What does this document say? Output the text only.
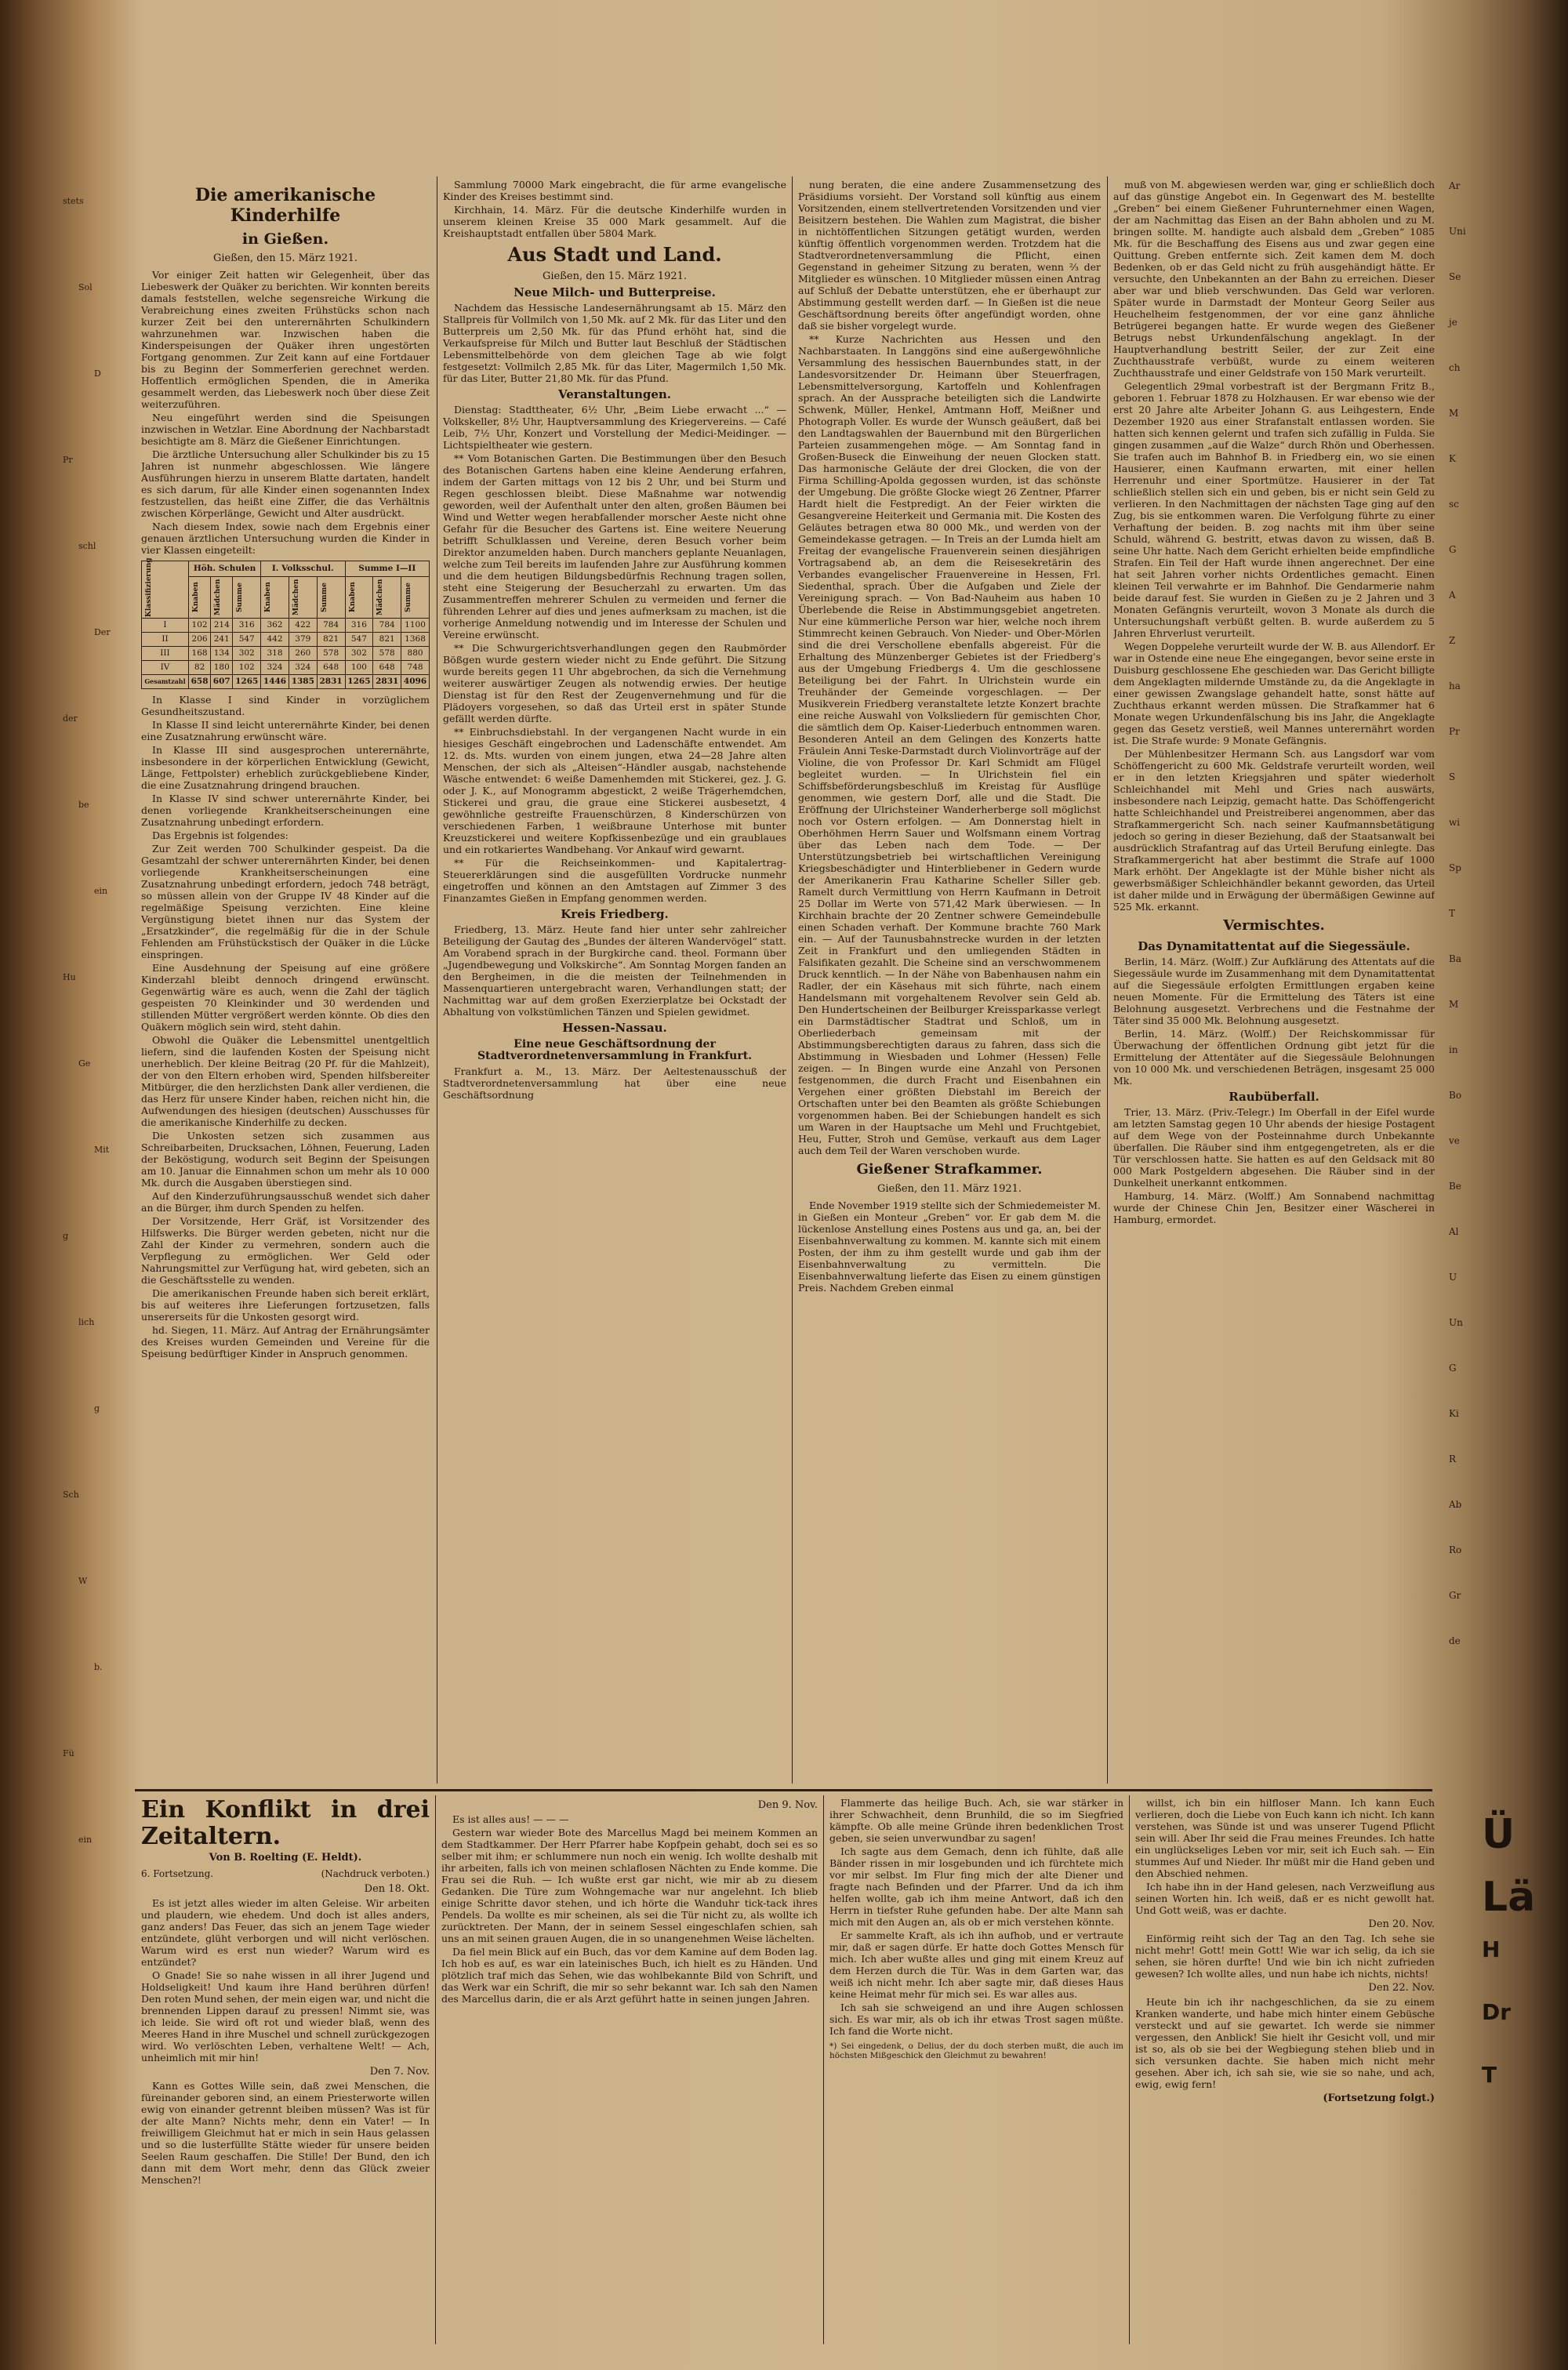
stets
Sol
D
Pr
schl
Der
der
be
ein
Hu
Ge
Mit
g
lich
g
Sch
W
b.
Fü
ein
Ar
Uni
Se
je
ch
M
K
sc
G
A
Z
ha
Pr
S
wi
Sp
T
Ba
M
in
Bo
ve
Be
Al
U
Un
G
Ki
R
Ab
Ro
Gr
de
Ü
Lä
H
Dr
T
Die amerikanische Kinderhilfe
in Gießen.
Gießen, den 15. März 1921.

Vor einiger Zeit hatten wir Gelegenheit, über das Liebeswerk der Quäker zu berichten. Wir konnten bereits damals feststellen, welche segensreiche Wirkung die Verabreichung eines zweiten Frühstücks schon nach kurzer Zeit bei den unterernährten Schulkindern wahrzunehmen war. Inzwischen haben die Kinderspeisungen der Quäker ihren ungestörten Fortgang genommen. Zur Zeit kann auf eine Fortdauer bis zu Beginn der Sommerferien gerechnet werden. Hoffentlich ermöglichen Spenden, die in Amerika gesammelt werden, das Liebeswerk noch über diese Zeit weiterzuführen.

Neu eingeführt werden sind die Speisungen inzwischen in Wetzlar. Eine Abordnung der Nachbarstadt besichtigte am 8. März die Gießener Einrichtungen.

Die ärztliche Untersuchung aller Schulkinder bis zu 15 Jahren ist nunmehr abgeschlossen. Wie längere Ausführungen hierzu in unserem Blatte dartaten, handelt es sich darum, für alle Kinder einen sogenannten Index festzustellen, das heißt eine Ziffer, die das Verhältnis zwischen Körperlänge, Gewicht und Alter ausdrückt.

Nach diesem Index, sowie nach dem Ergebnis einer genauen ärztlichen Untersuchung wurden die Kinder in vier Klassen eingeteilt:

Klassifizierung	Höh. Schulen			I. Volksschul.			Summe I—II		

	Knaben	Mädchen	Summe	Knaben	Mädchen	Summe	Knaben	Mädchen	Summe

I	102	214	316	362	422	784	316	784	1100
II	206	241	547	442	379	821	547	821	1368
III	168	134	302	318	260	578	302	578	880
IV	82	180	102	324	324	648	100	648	748
Gesamtzahl	658	607	1265	1446	1385	2831	1265	2831	4096

In Klasse I sind Kinder in vorzüglichem Gesundheitszustand.

In Klasse II sind leicht unterernährte Kinder, bei denen eine Zusatznahrung erwünscht wäre.

In Klasse III sind ausgesprochen unterernährte, insbesondere in der körperlichen Entwicklung (Gewicht, Länge, Fettpolster) erheblich zurückgebliebene Kinder, die eine Zusatznahrung dringend brauchen.

In Klasse IV sind schwer unterernährte Kinder, bei denen vorliegende Krankheitserscheinungen eine Zusatznahrung unbedingt erfordern.

Das Ergebnis ist folgendes:

Zur Zeit werden 700 Schulkinder gespeist. Da die Gesamtzahl der schwer unterernährten Kinder, bei denen vorliegende Krankheitserscheinungen eine Zusatznahrung unbedingt erfordern, jedoch 748 beträgt, so müssen allein von der Gruppe IV 48 Kinder auf die regelmäßige Speisung verzichten. Eine kleine Vergünstigung bietet ihnen nur das System der „Ersatzkinder“, die regelmäßig für die in der Schule Fehlenden am Frühstückstisch der Quäker in die Lücke einspringen.

Eine Ausdehnung der Speisung auf eine größere Kinderzahl bleibt dennoch dringend erwünscht. Gegenwärtig wäre es auch, wenn die Zahl der täglich gespeisten 70 Kleinkinder und 30 werdenden und stillenden Mütter vergrößert werden könnte. Ob dies den Quäkern möglich sein wird, steht dahin.

Obwohl die Quäker die Lebensmittel unentgeltlich liefern, sind die laufenden Kosten der Speisung nicht unerheblich. Der kleine Beitrag (20 Pf. für die Mahlzeit), der von den Eltern erhoben wird, Spenden hilfsbereiter Mitbürger, die den herzlichsten Dank aller verdienen, die das Herz für unsere Kinder haben, reichen nicht hin, die Aufwendungen des hiesigen (deutschen) Ausschusses für die amerikanische Kinderhilfe zu decken.

Die Unkosten setzen sich zusammen aus Schreibarbeiten, Drucksachen, Löhnen, Feuerung, Laden der Beköstigung, wodurch seit Beginn der Speisungen am 10. Januar die Einnahmen schon um mehr als 10 000 Mk. durch die Ausgaben überstiegen sind.

Auf den Kinderzuführungsausschuß wendet sich daher an die Bürger, ihm durch Spenden zu helfen.

Der Vorsitzende, Herr Gräf, ist Vorsitzender des Hilfswerks. Die Bürger werden gebeten, nicht nur die Zahl der Kinder zu vermehren, sondern auch die Verpflegung zu ermöglichen. Wer Geld oder Nahrungsmittel zur Verfügung hat, wird gebeten, sich an die Geschäftsstelle zu wenden.

Die amerikanischen Freunde haben sich bereit erklärt, bis auf weiteres ihre Lieferungen fortzusetzen, falls unsererseits für die Unkosten gesorgt wird.

hd. Siegen, 11. März. Auf Antrag der Ernährungsämter des Kreises wurden Gemeinden und Vereine für die Speisung bedürftiger Kinder in Anspruch genommen.

Sammlung 70000 Mark eingebracht, die für arme evangelische Kinder des Kreises bestimmt sind.

Kirchhain, 14. März. Für die deutsche Kinderhilfe wurden in unserem kleinen Kreise 35 000 Mark gesammelt. Auf die Kreishauptstadt entfallen über 5804 Mark.

Aus Stadt und Land.
Gießen, den 15. März 1921.
Neue Milch- und Butterpreise.

Nachdem das Hessische Landesernährungsamt ab 15. März den Stallpreis für Vollmilch von 1,50 Mk. auf 2 Mk. für das Liter und den Butterpreis um 2,50 Mk. für das Pfund erhöht hat, sind die Verkaufspreise für Milch und Butter laut Beschluß der Städtischen Lebensmittelbehörde von dem gleichen Tage ab wie folgt festgesetzt: Vollmilch 2,85 Mk. für das Liter, Magermilch 1,50 Mk. für das Liter, Butter 21,80 Mk. für das Pfund.

Veranstaltungen.

Dienstag: Stadttheater, 6½ Uhr, „Beim Liebe erwacht ...“ — Volkskeller, 8½ Uhr, Hauptversammlung des Kriegervereins. — Café Leib, 7½ Uhr, Konzert und Vorstellung der Medici-Meidinger. — Lichtspieltheater wie gestern.

** Vom Botanischen Garten. Die Bestimmungen über den Besuch des Botanischen Gartens haben eine kleine Aenderung erfahren, indem der Garten mittags von 12 bis 2 Uhr, und bei Sturm und Regen geschlossen bleibt. Diese Maßnahme war notwendig geworden, weil der Aufenthalt unter den alten, großen Bäumen bei Wind und Wetter wegen herabfallender morscher Aeste nicht ohne Gefahr für die Besucher des Gartens ist. Eine weitere Neuerung betrifft Schulklassen und Vereine, deren Besuch vorher beim Direktor anzumelden haben. Durch manchers geplante Neuanlagen, welche zum Teil bereits im laufenden Jahre zur Ausführung kommen und die dem heutigen Bildungsbedürfnis Rechnung tragen sollen, steht eine Steigerung der Besucherzahl zu erwarten. Um das Zusammentreffen mehrerer Schulen zu vermeiden und ferner die führenden Lehrer auf dies und jenes aufmerksam zu machen, ist die vorherige Anmeldung notwendig und im Interesse der Schulen und Vereine erwünscht.

** Die Schwurgerichtsverhandlungen gegen den Raubmörder Bößgen wurde gestern wieder nicht zu Ende geführt. Die Sitzung wurde bereits gegen 11 Uhr abgebrochen, da sich die Vernehmung weiterer auswärtiger Zeugen als notwendig erwies. Der heutige Dienstag ist für den Rest der Zeugenvernehmung und für die Plädoyers vorgesehen, so daß das Urteil erst in später Stunde gefällt werden dürfte.

** Einbruchsdiebstahl. In der vergangenen Nacht wurde in ein hiesiges Geschäft eingebrochen und Ladenschäfte entwendet. Am 12. ds. Mts. wurden von einem jungen, etwa 24—28 Jahre alten Menschen, der sich als „Alteisen“-Händler ausgab, nachstehende Wäsche entwendet: 6 weiße Damenhemden mit Stickerei, gez. J. G. oder J. K., auf Monogramm abgestickt, 2 weiße Trägerhemdchen, Stickerei und grau, die graue eine Stickerei ausbesetzt, 4 gewöhnliche gestreifte Frauenschürzen, 8 Kinderschürzen von verschiedenen Farben, 1 weißbraune Unterhose mit bunter Kreuzstickerei und weitere Kopfkissenbezüge und ein graublaues und ein rotkariertes Wandbehang. Vor Ankauf wird gewarnt.

** Für die Reichseinkommen- und Kapitalertrag-Steuererklärungen sind die ausgefüllten Vordrucke nunmehr eingetroffen und können an den Amtstagen auf Zimmer 3 des Finanzamtes Gießen in Empfang genommen werden.

Kreis Friedberg.

Friedberg, 13. März. Heute fand hier unter sehr zahlreicher Beteiligung der Gautag des „Bundes der älteren Wandervögel“ statt. Am Vorabend sprach in der Burgkirche cand. theol. Formann über „Jugendbewegung und Volkskirche“. Am Sonntag Morgen fanden an den Bergheimen, in die die meisten der Teilnehmenden in Massenquartieren untergebracht waren, Verhandlungen statt; der Nachmittag war auf dem großen Exerzierplatze bei Ockstadt der Abhaltung von volkstümlichen Tänzen und Spielen gewidmet.

Hessen-Nassau.
Eine neue Geschäftsordnung der Stadtverordnetenversammlung in Frankfurt.

Frankfurt a. M., 13. März. Der Aeltestenausschuß der Stadtverordnetenversammlung hat über eine neue Geschäftsordnung

nung beraten, die eine andere Zusammensetzung des Präsidiums vorsieht. Der Vorstand soll künftig aus einem Vorsitzenden, einem stellvertretenden Vorsitzenden und vier Beisitzern bestehen. Die Wahlen zum Magistrat, die bisher in nichtöffentlichen Sitzungen getätigt wurden, werden künftig öffentlich vorgenommen werden. Trotzdem hat die Stadtverordnetenversammlung die Pflicht, einen Gegenstand in geheimer Sitzung zu beraten, wenn ⅔ der Mitglieder es wünschen. 10 Mitglieder müssen einen Antrag auf Schluß der Debatte unterstützen, ehe er überhaupt zur Abstimmung gestellt werden darf. — In Gießen ist die neue Geschäftsordnung bereits öfter angefündigt worden, ohne daß sie bisher vorgelegt wurde.

** Kurze Nachrichten aus Hessen und den Nachbarstaaten. In Langgöns sind eine außergewöhnliche Versammlung des hessischen Bauernbundes statt, in der Landesvorsitzender Dr. Heimann über Steuerfragen, Lebensmittelversorgung, Kartoffeln und Kohlenfragen sprach. An der Aussprache beteiligten sich die Landwirte Schwenk, Müller, Henkel, Amtmann Hoff, Meißner und Photograph Voller. Es wurde der Wunsch geäußert, daß bei den Landtagswahlen der Bauernbund mit den Bürgerlichen Parteien zusammengehen möge. — Am Sonntag fand in Großen-Buseck die Einweihung der neuen Glocken statt. Das harmonische Geläute der drei Glocken, die von der Firma Schilling-Apolda gegossen wurden, ist das schönste der Umgebung. Die größte Glocke wiegt 26 Zentner, Pfarrer Hardt hielt die Festpredigt. An der Feier wirkten die Gesangvereine Heiterkeit und Germania mit. Die Kosten des Geläutes betragen etwa 80 000 Mk., und werden von der Gemeindekasse getragen. — In Treis an der Lumda hielt am Freitag der evangelische Frauenverein seinen diesjährigen Vortragsabend ab, an dem die Reisesekretärin des Verbandes evangelischer Frauenvereine in Hessen, Frl. Siedenthal, sprach. Über die Aufgaben und Ziele der Vereinigung sprach. — Von Bad-Nauheim aus haben 10 Überlebende die Reise in Abstimmungsgebiet angetreten. Nur eine kümmerliche Person war hier, welche noch ihrem Stimmrecht keinen Gebrauch. Von Nieder- und Ober-Mörlen sind die drei Verschollene ebenfalls abgereist. Für die Erhaltung des Münzenberger Gebietes ist der Friedberg's aus der Umgebung Friedbergs 4. Um die geschlossene Beteiligung bei der Fahrt. In Ulrichstein wurde ein Treuhänder der Gemeinde vorgeschlagen. — Der Musikverein Friedberg veranstaltete letzte Konzert brachte eine reiche Auswahl von Volksliedern für gemischten Chor, die sämtlich dem Op. Kaiser-Liederbuch entnommen waren. Besonderen Anteil an dem Gelingen des Konzerts hatte Fräulein Anni Teske-Darmstadt durch Violinvorträge auf der Violine, die von Professor Dr. Karl Schmidt am Flügel begleitet wurden. — In Ulrichstein fiel ein Schiffsbeförderungsbeschluß im Kreistag für Ausflüge genommen, wie gestern Dorf, alle und die Stadt. Die Eröffnung der Ulrichsteiner Wanderherberge soll möglichst noch vor Ostern erfolgen. — Am Donnerstag hielt in Oberhöhmen Herrn Sauer und Wolfsmann einem Vortrag über das Leben nach dem Tode. — Der Unterstützungsbetrieb bei wirtschaftlichen Vereinigung Kriegsbeschädigter und Hinterbliebener in Gedern wurde der Amerikanerin Frau Katharine Scheller Siller geb. Ramelt durch Vermittlung von Herrn Kaufmann in Detroit 25 Dollar im Werte von 571,42 Mark überwiesen. — In Kirchhain brachte der 20 Zentner schwere Gemeindebulle einen Schaden verhaft. Der Kommune brachte 760 Mark ein. — Auf der Taunusbahnstrecke wurden in der letzten Zeit in Frankfurt und den umliegenden Städten in Falsifikaten gezahlt. Die Scheine sind an verschwommenem Druck kenntlich. — In der Nähe von Babenhausen nahm ein Radler, der ein Käsehaus mit sich führte, nach einem Handelsmann mit vorgehaltenem Revolver sein Geld ab. Den Hundertscheinen der Beilburger Kreissparkasse verlegt ein Darmstädtischer Stadtrat und Schloß, um in Oberliederbach gemeinsam mit der Abstimmungsberechtigten daraus zu fahren, dass sich die Abstimmung in Wiesbaden und Lohmer (Hessen) Felle zeigen. — In Bingen wurde eine Anzahl von Personen festgenommen, die durch Fracht und Eisenbahnen ein Vergehen einer größten Diebstahl im Bereich der Ortschaften unter bei den Beamten als größte Schiebungen vorgenommen haben. Bei der Schiebungen handelt es sich um Waren in der Hauptsache um Mehl und Fruchtgebiet, Heu, Futter, Stroh und Gemüse, verkauft aus dem Lager auch dem Teil der Waren verschoben wurde.

Gießener Strafkammer.
Gießen, den 11. März 1921.

Ende November 1919 stellte sich der Schmiedemeister M. in Gießen ein Monteur „Greben“ vor. Er gab dem M. die lückenlose Anstellung eines Postens aus und ga, an, bei der Eisenbahnverwaltung zu kommen. M. kannte sich mit einem Posten, der ihm zu ihm gestellt wurde und gab ihm der Eisenbahnverwaltung zu vermitteln. Die Eisenbahnverwaltung lieferte das Eisen zu einem günstigen Preis. Nachdem Greben einmal

muß von M. abgewiesen werden war, ging er schließlich doch auf das günstige Angebot ein. In Gegenwart des M. bestellte „Greben“ bei einem Gießener Fuhrunternehmer einen Wagen, der am Nachmittag das Eisen an der Bahn abholen und zu M. bringen sollte. M. handigte auch alsbald dem „Greben“ 1085 Mk. für die Beschaffung des Eisens aus und zwar gegen eine Quittung. Greben entfernte sich. Zeit kamen dem M. doch Bedenken, ob er das Geld nicht zu früh ausgehändigt hätte. Er versuchte, den Unbekannten an der Bahn zu erreichen. Dieser aber war und blieb verschwunden. Das Geld war verloren. Später wurde in Darmstadt der Monteur Georg Seiler aus Heuchelheim festgenommen, der vor eine ganz ähnliche Betrügerei begangen hatte. Er wurde wegen des Gießener Betrugs nebst Urkundenfälschung angeklagt. In der Hauptverhandlung bestritt Seiler, der zur Zeit eine Zuchthausstrafe verbüßt, wurde zu einem weiteren Zuchthausstrafe und einer Geldstrafe von 150 Mark verurteilt.

Gelegentlich 29mal vorbestraft ist der Bergmann Fritz B., geboren 1. Februar 1878 zu Holzhausen. Er war ebenso wie der erst 20 Jahre alte Arbeiter Johann G. aus Leihgestern, Ende Dezember 1920 aus einer Strafanstalt entlassen worden. Sie hatten sich kennen gelernt und trafen sich zufällig in Fulda. Sie gingen zusammen „auf die Walze“ durch Rhön und Oberhessen. Sie trafen auch im Bahnhof B. in Friedberg ein, wo sie einen Hausierer, einen Kaufmann erwarten, mit einer hellen Herrenuhr und einer Sportmütze. Hausierer in der Tat schließlich stellen sich ein und geben, bis er nicht sein Geld zu verlieren. In den Nachmittagen der nächsten Tage ging auf den Zug, bis sie entkommen waren. Die Verfolgung führte zu einer Verhaftung der beiden. B. zog nachts mit ihm über seine Schuld, während G. bestritt, etwas davon zu wissen, daß B. seine Uhr hatte. Nach dem Gericht erhielten beide empfindliche Strafen. Ein Teil der Haft wurde ihnen angerechnet. Der eine hat seit Jahren vorher nichts Ordentliches gemacht. Einen kleinen Teil verwahrte er im Bahnhof. Die Gendarmerie nahm beide darauf fest. Sie wurden in Gießen zu je 2 Jahren und 3 Monaten Gefängnis verurteilt, wovon 3 Monate als durch die Untersuchungshaft verbüßt gelten. B. wurde außerdem zu 5 Jahren Ehrverlust verurteilt.

Wegen Doppelehe verurteilt wurde der W. B. aus Allendorf. Er war in Ostende eine neue Ehe eingegangen, bevor seine erste in Duisburg geschlossene Ehe geschieden war. Das Gericht billigte dem Angeklagten mildernde Umstände zu, da die Angeklagte in einer gewissen Zwangslage gehandelt hatte, sonst hätte auf Zuchthaus erkannt werden müssen. Die Strafkammer hat 6 Monate wegen Urkundenfälschung bis ins Jahr, die Angeklagte gegen das Gesetz verstieß, weil Mannes unterernährt worden ist. Die Strafe wurde: 9 Monate Gefängnis.

Der Mühlenbesitzer Hermann Sch. aus Langsdorf war vom Schöffengericht zu 600 Mk. Geldstrafe verurteilt worden, weil er in den letzten Kriegsjahren und später wiederholt Schleichhandel mit Mehl und Gries nach auswärts, insbesondere nach Leipzig, gemacht hatte. Das Schöffengericht hatte Schleichhandel und Preistreiberei angenommen, aber das Strafkammergericht Sch. nach seiner Kaufmannsbetätigung jedoch so gering in dieser Beziehung, daß der Staatsanwalt bei ausdrücklich Strafantrag auf das Urteil Berufung einlegte. Das Strafkammergericht hat aber bestimmt die Strafe auf 1000 Mark erhöht. Der Angeklagte ist der Mühle bisher nicht als gewerbsmäßiger Schleichhändler bekannt geworden, das Urteil ist daher milde und in Erwägung der übermäßigen Gewinne auf 525 Mk. erkannt.

Vermischtes.
Das Dynamitattentat auf die Siegessäule.

Berlin, 14. März. (Wolff.) Zur Aufklärung des Attentats auf die Siegessäule wurde im Zusammenhang mit dem Dynamitattentat auf die Siegessäule erfolgten Ermittlungen ergaben keine neuen Momente. Für die Ermittelung des Täters ist eine Belohnung ausgesetzt. Verbrechens und die Festnahme der Täter sind 35 000 Mk. Belohnung ausgesetzt.

Berlin, 14. März. (Wolff.) Der Reichskommissar für Überwachung der öffentlichen Ordnung gibt jetzt für die Ermittelung der Attentäter auf die Siegessäule Belohnungen von 10 000 Mk. und verschiedenen Beträgen, insgesamt 25 000 Mk.

Raubüberfall.

Trier, 13. März. (Priv.-Telegr.) Im Oberfall in der Eifel wurde am letzten Samstag gegen 10 Uhr abends der hiesige Postagent auf dem Wege von der Posteinnahme durch Unbekannte überfallen. Die Räuber sind ihm entgegengetreten, als er die Tür verschlossen hatte. Sie hatten es auf den Geldsack mit 80 000 Mark Postgeldern abgesehen. Die Räuber sind in der Dunkelheit unerkannt entkommen.

Hamburg, 14. März. (Wolff.) Am Sonnabend nachmittag wurde der Chinese Chin Jen, Besitzer einer Wäscherei in Hamburg, ermordet.

Ein Konflikt in drei Zeitaltern.
Von B. Roelting (E. Heldt).
6. Fortsetzung.	(Nachdruck verboten.)
Den 18. Okt.

Es ist jetzt alles wieder im alten Geleise. Wir arbeiten und plaudern, wie ehedem. Und doch ist alles anders, ganz anders! Das Feuer, das sich an jenem Tage wieder entzündete, glüht verborgen und will nicht verlöschen. Warum wird es erst nun wieder? Warum wird es entzündet?

O Gnade! Sie so nahe wissen in all ihrer Jugend und Holdseligkeit! Und kaum ihre Hand berühren dürfen! Den roten Mund sehen, der mein eigen war, und nicht die brennenden Lippen darauf zu pressen! Nimmt sie, was ich leide. Sie wird oft rot und wieder blaß, wenn des Meeres Hand in ihre Muschel und schnell zurückgezogen wird. Wo verlöschten Leben, verhaltene Welt! — Ach, unheimlich mit mir hin!

Den 7. Nov.

Kann es Gottes Wille sein, daß zwei Menschen, die füreinander geboren sind, an einem Priesterworte willen ewig von einander getrennt bleiben müssen? Was ist für der alte Mann? Nichts mehr, denn ein Vater! — In freiwilligem Gleichmut hat er mich in sein Haus gelassen und so die lusterfüllte Stätte wieder für unsere beiden Seelen Raum geschaffen. Die Stille! Der Bund, den ich dann mit dem Wort mehr, denn das Glück zweier Menschen?!

Den 9. Nov.

Es ist alles aus! — — —

Gestern war wieder Bote des Marcellus Magd bei meinem Kommen an dem Stadtkammer. Der Herr Pfarrer habe Kopfpein gehabt, doch sei es so selber mit ihm; er schlummere nun noch ein wenig. Ich wollte deshalb mit ihr arbeiten, falls ich von meinen schlaflosen Nächten zu Ende komme. Die Frau sei die Ruh. — Ich wußte erst gar nicht, wie mir ab zu diesem Gedanken. Die Türe zum Wohngemache war nur angelehnt. Ich blieb einige Schritte davor stehen, und ich hörte die Wanduhr tick-tack ihres Pendels. Da wollte es mir scheinen, als sei die Tür nicht zu, als wollte ich zurücktreten. Der Mann, der in seinem Sessel eingeschlafen schien, sah uns an mit seinen grauen Augen, die in so unangenehmen Weise lächelten.

Da fiel mein Blick auf ein Buch, das vor dem Kamine auf dem Boden lag. Ich hob es auf, es war ein lateinisches Buch, ich hielt es zu Händen. Und plötzlich traf mich das Sehen, wie das wohlbekannte Bild von Schrift, und das Werk war ein Schrift, die mir so sehr bekannt war. Ich sah den Namen des Marcellus darin, die er als Arzt geführt hatte in seinen jungen Jahren.

Flammerte das heilige Buch. Ach, sie war stärker in ihrer Schwachheit, denn Brunhild, die so im Siegfried kämpfte. Ob alle meine Gründe ihren bedenklichen Trost geben, sie seien unverwundbar zu sagen!

Ich sagte aus dem Gemach, denn ich fühlte, daß alle Bänder rissen in mir losgebunden und ich fürchtete mich vor mir selbst. Im Flur fing mich der alte Diener und fragte nach Befinden und der Pfarrer. Und da ich ihm helfen wollte, gab ich ihm meine Antwort, daß ich den Herrn in tiefster Ruhe gefunden habe. Der alte Mann sah mich mit den Augen an, als ob er mich verstehen könnte.

Er sammelte Kraft, als ich ihn aufhob, und er vertraute mir, daß er sagen dürfe. Er hatte doch Gottes Mensch für mich. Ich aber wußte alles und ging mit einem Kreuz auf dem Herzen durch die Tür. Was in dem Garten war, das weiß ich nicht mehr. Ich aber sagte mir, daß dieses Haus keine Heimat mehr für mich sei. Es war alles aus.

Ich sah sie schweigend an und ihre Augen schlossen sich. Es war mir, als ob ich ihr etwas Trost sagen müßte. Ich fand die Worte nicht.

*) Sei eingedenk, o Delius, der du doch sterben mußt, die auch im höchsten Mißgeschick den Gleichmut zu bewahren!

willst, ich bin ein hilfloser Mann. Ich kann Euch verlieren, doch die Liebe von Euch kann ich nicht. Ich kann verstehen, was Sünde ist und was unserer Tugend Pflicht sein will. Aber Ihr seid die Frau meines Freundes. Ich hatte ein unglückseliges Leben vor mir, seit ich Euch sah. — Ein stummes Auf und Nieder. Ihr müßt mir die Hand geben und den Abschied nehmen.

Ich habe ihn in der Hand gelesen, nach Verzweiflung aus seinen Worten hin. Ich weiß, daß er es nicht gewollt hat. Und Gott weiß, was er dachte.

Den 20. Nov.

Einförmig reiht sich der Tag an den Tag. Ich sehe sie nicht mehr! Gott! mein Gott! Wie war ich selig, da ich sie sehen, sie hören durfte! Und wie bin ich nicht zufrieden gewesen? Ich wollte alles, und nun habe ich nichts, nichts!

Den 22. Nov.

Heute bin ich ihr nachgeschlichen, da sie zu einem Kranken wanderte, und habe mich hinter einem Gebüsche versteckt und auf sie gewartet. Ich werde sie nimmer vergessen, den Anblick! Sie hielt ihr Gesicht voll, und mir ist so, als ob sie bei der Wegbiegung stehen blieb und in sich versunken dachte. Sie haben mich nicht mehr gesehen. Aber ich, ich sah sie, wie sie so nahe, und ach, ewig, ewig fern!

(Fortsetzung folgt.)
